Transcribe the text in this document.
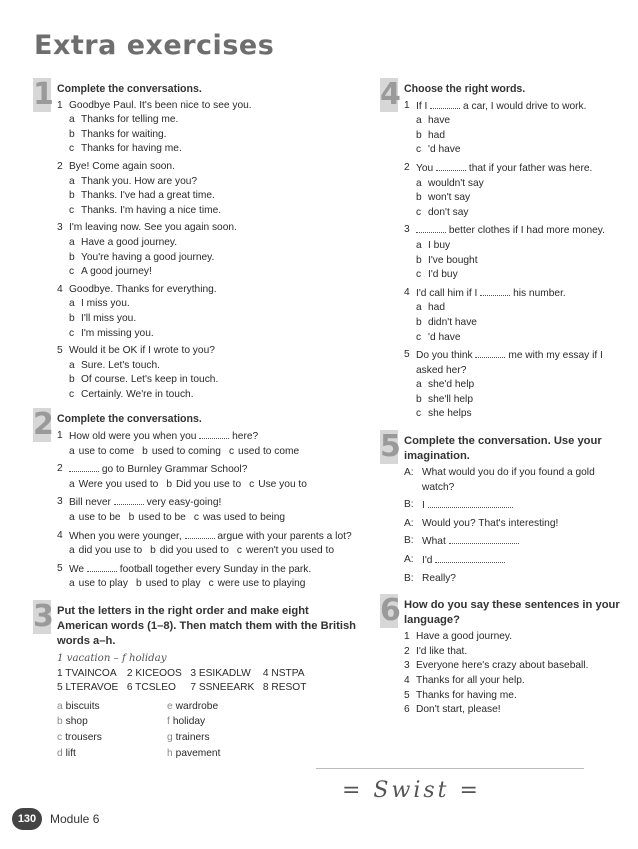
Extra exercises
1 Complete the conversations.
1 Goodbye Paul. It's been nice to see you.
a Thanks for telling me.
b Thanks for waiting.
c Thanks for having me.
2 Bye! Come again soon.
a Thank you. How are you?
b Thanks. I've had a great time.
c Thanks. I'm having a nice time.
3 I'm leaving now. See you again soon.
a Have a good journey.
b You're having a good journey.
c A good journey!
4 Goodbye. Thanks for everything.
a I miss you.
b I'll miss you.
c I'm missing you.
5 Would it be OK if I wrote to you?
a Sure. Let's touch.
b Of course. Let's keep in touch.
c Certainly. We're in touch.
2 Complete the conversations.
1 How old were you when you	here?
a use to come b used to coming c used to come
2	go to Burnley Grammar School?
a Were you used to b Did you use to c Use you to
3 Bill never	very easy-going!
a use to be b used to be c was used to being
4 When you were younger,	argue with your parents a lot?
a did you use to b did you used to c weren't you used to
5 We	football together every Sunday in the park.
a use to play b used to play c were use to playing
3 Put the letters in the right order and make eight American words (1–8). Then match them with the British words a–h.
1 vacation – f holiday
1 TVAINCOA 2 KICEOOS 3 ESIKADLW	4 NSTPA
5 LTERAVOE 6 TCSLEO	7 SSNEEARK 8 RESOT
a biscuits	e wardrobe
b shop	f holiday
c trousers	g trainers
d lift	h pavement
4 Choose the right words.
1 If I	a car, I would drive to work.
a have
b had
c 'd have
2 You	that if your father was here.
a wouldn't say
b won't say
c don't say
3	better clothes if I had more money.
a I buy
b I've bought
c I'd buy
4 I'd call him if I	his number.
a had
b didn't have
c 'd have
5 Do you think	me with my essay if I asked her?
a she'd help
b she'll help
c she helps
5 Complete the conversation. Use your imagination.
A: What would you do if you found a gold watch?
B: I
A: Would you? That's interesting!
B: What
A: I'd
B: Really?
6 How do you say these sentences in your language?
1 Have a good journey.
2 I'd like that.
3 Everyone here's crazy about baseball.
4 Thanks for all your help.
5 Thanks for having me.
6 Don't start, please!
= Swist =
130	Module 6
